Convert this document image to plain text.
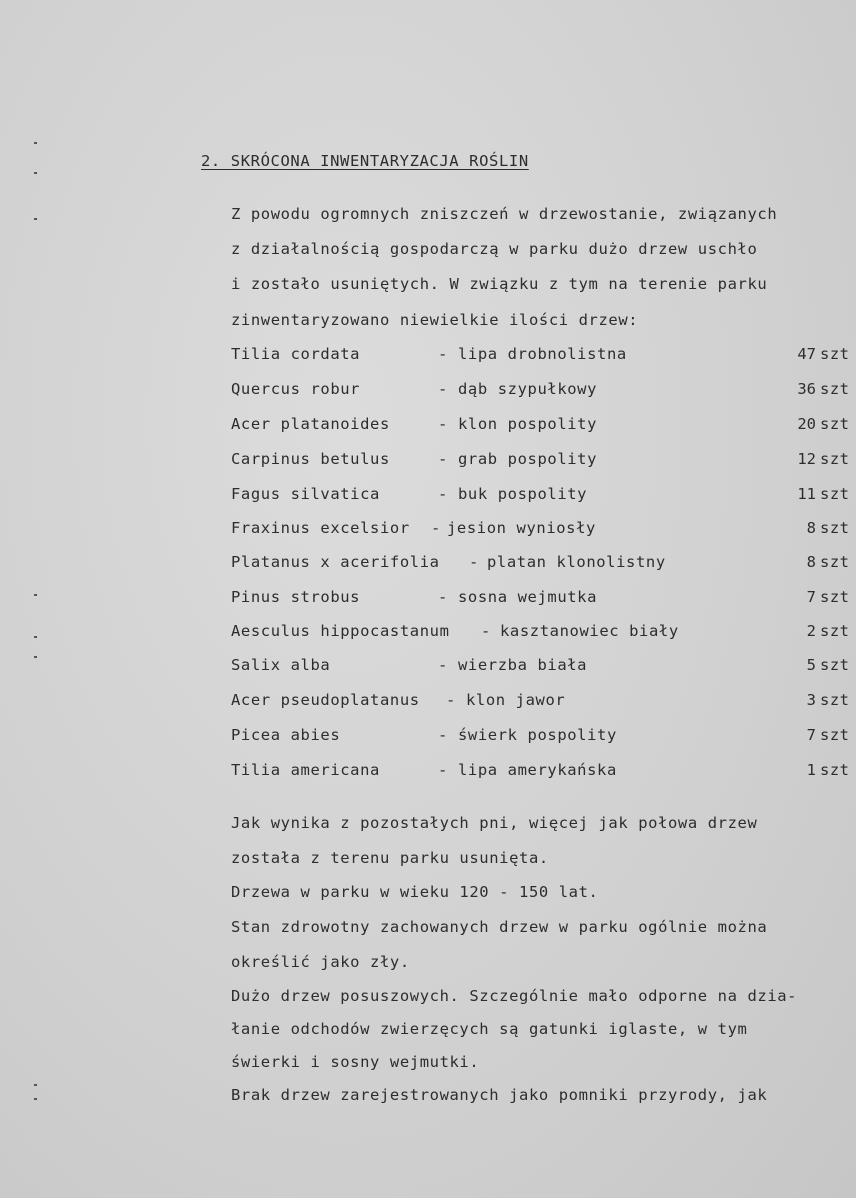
2. SKRÓCONA INWENTARYZACJA ROŚLIN
Z powodu ogromnych zniszczeń w drzewostanie, związanych
z działalnością gospodarczą w parku dużo drzew uschło
i zostało usuniętych. W związku z tym na terenie parku
zinwentaryzowano niewielkie ilości drzew:
Tilia cordata	- lipa drobnolistna	47 szt
Quercus robur	- dąb szypułkowy	36 szt
Acer platanoides	- klon pospolity	20 szt
Carpinus betulus	- grab pospolity	12 szt
Fagus silvatica	- buk pospolity	11 szt
Fraxinus excelsior - jesion wyniosły	8 szt
Platanus x acerifolia - platan klonolistny	8 szt
Pinus strobus	- sosna wejmutka	7 szt
Aesculus hippocastanum - kasztanowiec biały	2 szt
Salix alba	- wierzba biała	5 szt
Acer pseudoplatanus - klon jawor	3 szt
Picea abies	- świerk pospolity	7 szt
Tilia americana	- lipa amerykańska	1 szt
Jak wynika z pozostałych pni, więcej jak połowa drzew
została z terenu parku usunięta.
Drzewa w parku w wieku 120 - 150 lat.
Stan zdrowotny zachowanych drzew w parku ogólnie można
określić jako zły.
Dużo drzew posuszowych. Szczególnie mało odporne na dzia-
łanie odchodów zwierzęcych są gatunki iglaste, w tym
świerki i sosny wejmutki.
Brak drzew zarejestrowanych jako pomniki przyrody, jak
